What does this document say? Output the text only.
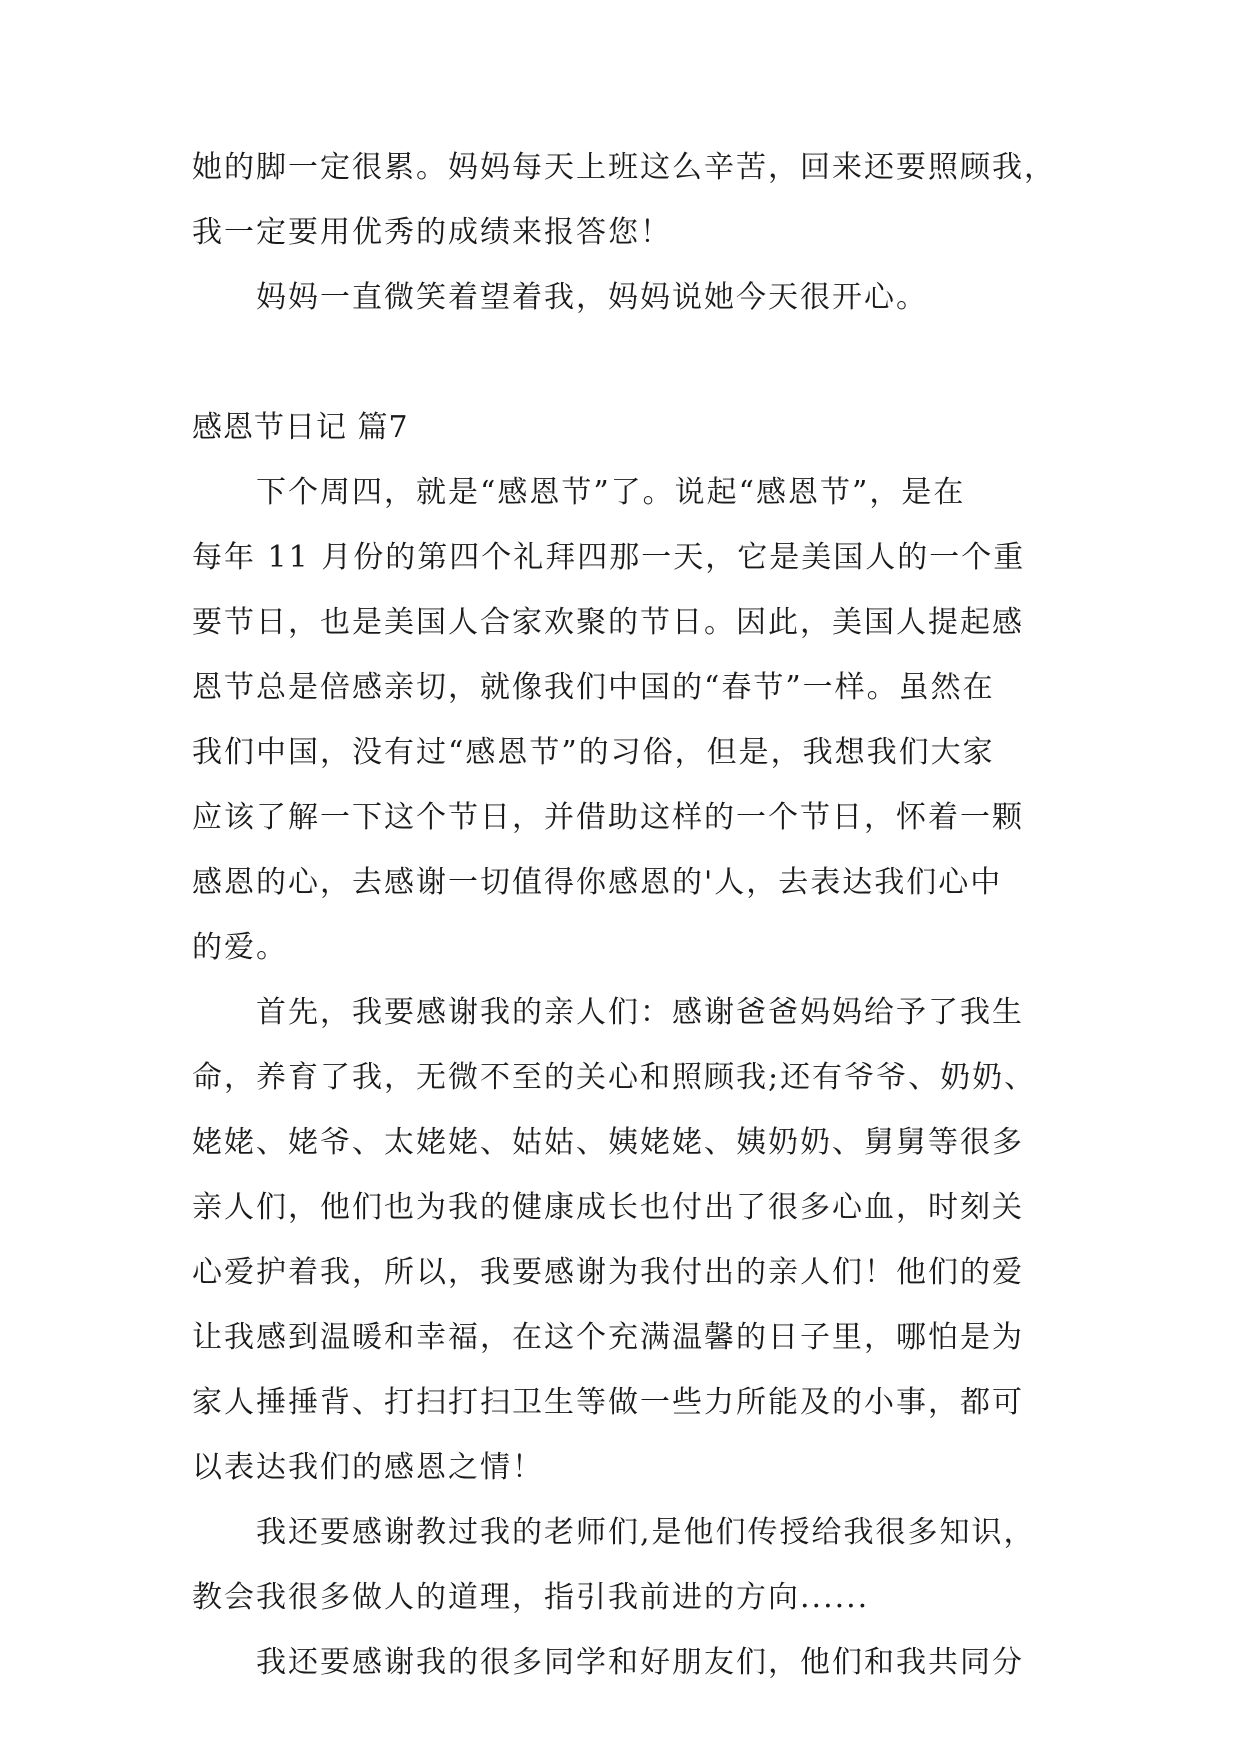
她的脚一定很累。妈妈每天上班这么辛苦，回来还要照顾我，
我一定要用优秀的成绩来报答您！
妈妈一直微笑着望着我，妈妈说她今天很开心。
感恩节日记 篇7
下个周四，就是“感恩节”了。说起“感恩节”，是在
每年 11 月份的第四个礼拜四那一天，它是美国人的一个重
要节日，也是美国人合家欢聚的节日。因此，美国人提起感
恩节总是倍感亲切，就像我们中国的“春节”一样。虽然在
我们中国，没有过“感恩节”的习俗，但是，我想我们大家
应该了解一下这个节日，并借助这样的一个节日，怀着一颗
感恩的心，去感谢一切值得你感恩的'人，去表达我们心中
的爱。
首先，我要感谢我的亲人们：感谢爸爸妈妈给予了我生
命，养育了我，无微不至的关心和照顾我;还有爷爷、奶奶、
姥姥、姥爷、太姥姥、姑姑、姨姥姥、姨奶奶、舅舅等很多
亲人们，他们也为我的健康成长也付出了很多心血，时刻关
心爱护着我，所以，我要感谢为我付出的亲人们！他们的爱
让我感到温暖和幸福，在这个充满温馨的日子里，哪怕是为
家人捶捶背、打扫打扫卫生等做一些力所能及的小事，都可
以表达我们的感恩之情！
我还要感谢教过我的老师们,是他们传授给我很多知识，
教会我很多做人的道理，指引我前进的方向......
我还要感谢我的很多同学和好朋友们，他们和我共同分
